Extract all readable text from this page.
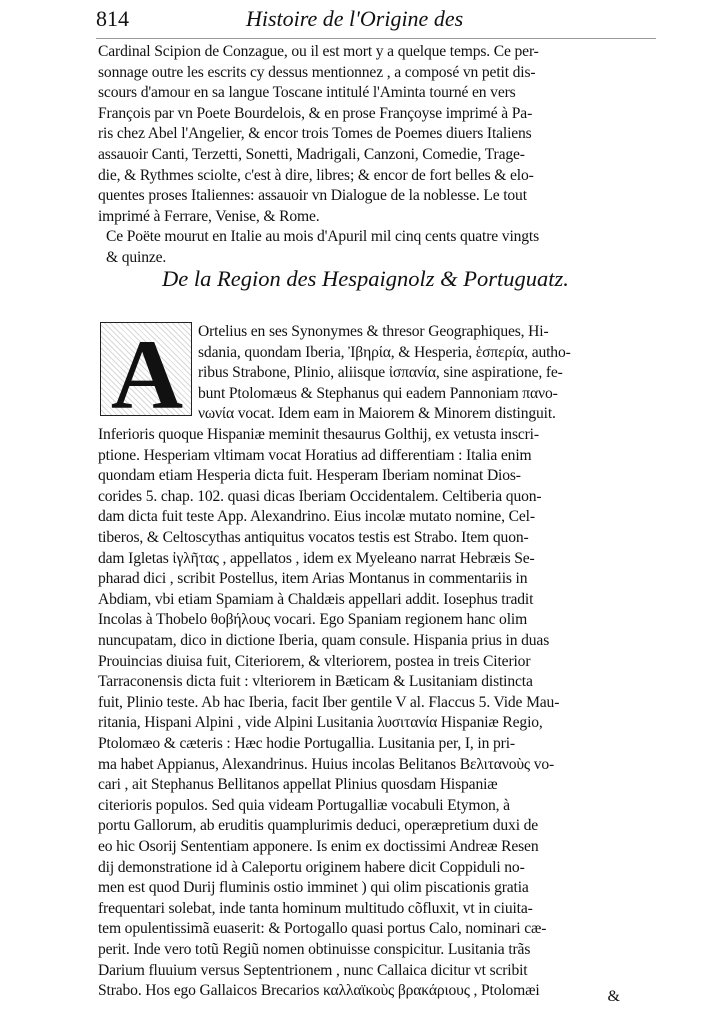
814	Histoire de l'Origine des
Cardinal Scipion de Conzague, ou il est mort y a quelque temps. Ce per-
sonnage outre les escrits cy dessus mentionnez , a composé vn petit dis-
scours d'amour en sa langue Toscane intitulé l'Aminta tourné en vers
François par vn Poete Bourdelois, & en prose Françoyse imprimé à Pa-
ris chez Abel l'Angelier, & encor trois Tomes de Poemes diuers Italiens
assauoir Canti, Terzetti, Sonetti, Madrigali, Canzoni, Comedie, Trage-
die, & Rythmes sciolte, c'est à dire, libres; & encor de fort belles & elo-
quentes proses Italiennes: assauoir vn Dialogue de la noblesse. Le tout
imprimé à Ferrare, Venise, & Rome.
Ce Poëte mourut en Italie au mois d'Apuril mil cinq cents quatre vingts
& quinze.
De la Region des Hespaignolz & Portuguatz.
A Ortelius en ses Synonymes & thresor Geographiques, Hi-
sdania, quondam Iberia, Ἰβηρία, & Hesperia, ἑσπερία, autho-
ribus Strabone, Plinio, aliisque ἰσπανία, sine aspiratione, fe-
bunt Ptolomæus & Stephanus qui eadem Pannoniam πανο-
νωνία vocat. Idem eam in Maiorem & Minorem distinguit.
Inferioris quoque Hispaniæ meminit thesaurus Golthij, ex vetusta inscri-
ptione. Hesperiam vltimam vocat Horatius ad differentiam : Italia enim
quondam etiam Hesperia dicta fuit. Hesperam Iberiam nominat Dios-
corides 5. chap. 102. quasi dicas Iberiam Occidentalem. Celtiberia quon-
dam dicta fuit teste App. Alexandrino. Eius incolæ mutato nomine, Cel-
tiberos, & Celtoscythas antiquitus vocatos testis est Strabo. Item quon-
dam Igletas ἰγλῆτας , appellatos , idem ex Myeleano narrat Hebræis Se-
pharad dici , scribit Postellus, item Arias Montanus in commentariis in
Abdiam, vbi etiam Spamiam à Chaldæis appellari addit. Iosephus tradit
Incolas à Thobelo θοβήλους vocari. Ego Spaniam regionem hanc olim
nuncupatam, dico in dictione Iberia, quam consule. Hispania prius in duas
Prouincias diuisa fuit, Citeriorem, & vlteriorem, postea in treis Citerior
Tarraconensis dicta fuit : vlteriorem in Bæticam & Lusitaniam distincta
fuit, Plinio teste. Ab hac Iberia, facit Iber gentile V al. Flaccus 5. Vide Mau-
ritania, Hispani Alpini , vide Alpini Lusitania λυσιτανία Hispaniæ Regio,
Ptolomæo & cæteris : Hæc hodie Portugallia. Lusitania per, I, in pri-
ma habet Appianus, Alexandrinus. Huius incolas Belitanos Βελιτανοὺς vo-
cari , ait Stephanus Bellitanos appellat Plinius quosdam Hispaniæ
citerioris populos. Sed quia videam Portugalliæ vocabuli Etymon, à
portu Gallorum, ab eruditis quamplurimis deduci, operæpretium duxi de
eo hic Osorij Sententiam apponere. Is enim ex doctissimi Andreæ Resen
dij demonstratione id à Caleportu originem habere dicit Coppiduli no-
men est quod Durij fluminis ostio imminet ) qui olim piscationis gratia
frequentari solebat, inde tanta hominum multitudo cõfluxit, vt in ciuita-
tem opulentissimã euaserit: & Portogallo quasi portus Calo, nominari cæ-
perit. Inde vero totũ Regiũ nomen obtinuisse conspicitur. Lusitania trãs
Darium fluuium versus Septentrionem , nunc Callaica dicitur vt scribit
Strabo. Hos ego Gallaicos Brecarios καλλαϊκοὺς βρακάριους , Ptolomæi	&
